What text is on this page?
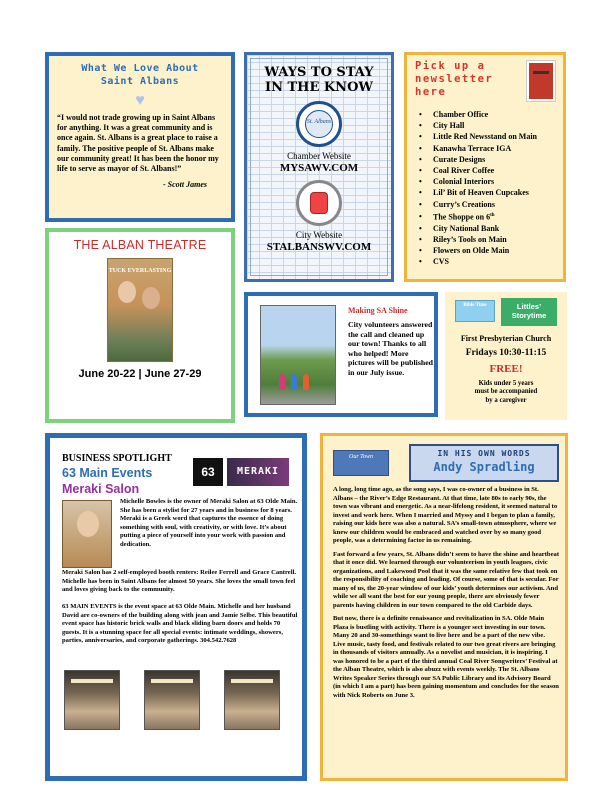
What We Love About
Saint Albans
♥
“I would not trade growing up in Saint Albans for anything. It was a great community and is once again. St. Albans is a great place to raise a family. The positive people of St. Albans make our community great! It has been the honor my life to serve as mayor of St. Albans!”
- Scott James
WAYS TO STAY
IN THE KNOW
St. Albans
Chamber Website
MYSAWV.COM
City Website
STALBANSWV.COM
Pick up a
newsletter
here
• Chamber Office
• City Hall
• Little Red Newsstand on Main
• Kanawha Terrace IGA
• Curate Designs
• Coal River Coffee
• Colonial Interiors
• Lil’ Bit of Heaven Cupcakes
• Curry’s Creations
• The Shoppe on 6th
• City National Bank
• Riley’s Tools on Main
• Flowers on Olde Main
• CVS
THE ALBAN THEATRE
TUCK EVERLASTING
June 20-22 | June 27-29
Making SA Shine
City volunteers answered the call and cleaned up our town! Thanks to all who helped! More pictures will be published in our July issue.
Bible Time	Littles’
Storytime
First Presbyterian Church
Fridays 10:30-11:15
FREE!
Kids under 5 years
must be accompanied
by a caregiver
BUSINESS SPOTLIGHT
63 Main Events
Meraki Salon
63	MERAKI
Michelle Bowles is the owner of Meraki Salon at 63 Olde Main. She has been a stylist for 27 years and in business for 8 years. Meraki is a Greek word that captures the essence of doing something with soul, with creativity, or with love. It’s about putting a piece of yourself into your work with passion and dedication.
Meraki Salon has 2 self-employed booth renters: Reilee Ferrell and Grace Cantrell. Michelle has been in Saint Albans for almost 50 years. She loves the small town feel and loves giving back to the community.
63 MAIN EVENTS is the event space at 63 Olde Main. Michelle and her husband David are co-owners of the building along with jean and Jamie Selbe. This beautiful event space has historic brick walls and black sliding barn doors and holds 70 guests. It is a stunning space for all special events: intimate weddings, showers, parties, anniversaries, and corporate gatherings. 304.542.7628
Our Town	IN HIS OWN WORDS
Andy Spradling

A long, long time ago, as the song says, I was co-owner of a business in St. Albans – the River’s Edge Restaurant. At that time, late 80s to early 90s, the town was vibrant and energetic. As a near-lifelong resident, it seemed natural to invest and work here. When I married and Myssy and I began to plan a family, raising our kids here was also a natural. SA’s small-town atmosphere, where we knew our children would be embraced and watched over by so many good people, was a determining factor in us remaining.

Fast forward a few years, St. Albans didn’t seem to have the shine and heartbeat that it once did. We learned through our volunteerism in youth leagues, civic organizations, and Lakewood Pool that it was the same relative few that took on the responsibility of coaching and leading. Of course, some of that is secular. For many of us, the 20-year window of our kids’ youth determines our activism. And while we all want the best for our young people, there are obviously fewer parents having children in our town compared to the old Carbide days.

But now, there is a definite renaissance and revitalization in SA. Olde Main Plaza is bustling with activity. There is a younger sect investing in our town. Many 20 and 30-somethings want to live here and be a part of the new vibe. Live music, tasty food, and festivals related to our two great rivers are bringing in thousands of visitors annually. As a novelist and musician, it is inspiring. I was honored to be a part of the third annual Coal River Songwriters’ Festival at the Alban Theatre, which is also abuzz with events weekly. The St. Albans Writes Speaker Series through our SA Public Library and its Advisory Board (in which I am a part) has been gaining momentum and concludes for the season with Nick Roberts on June 3.
